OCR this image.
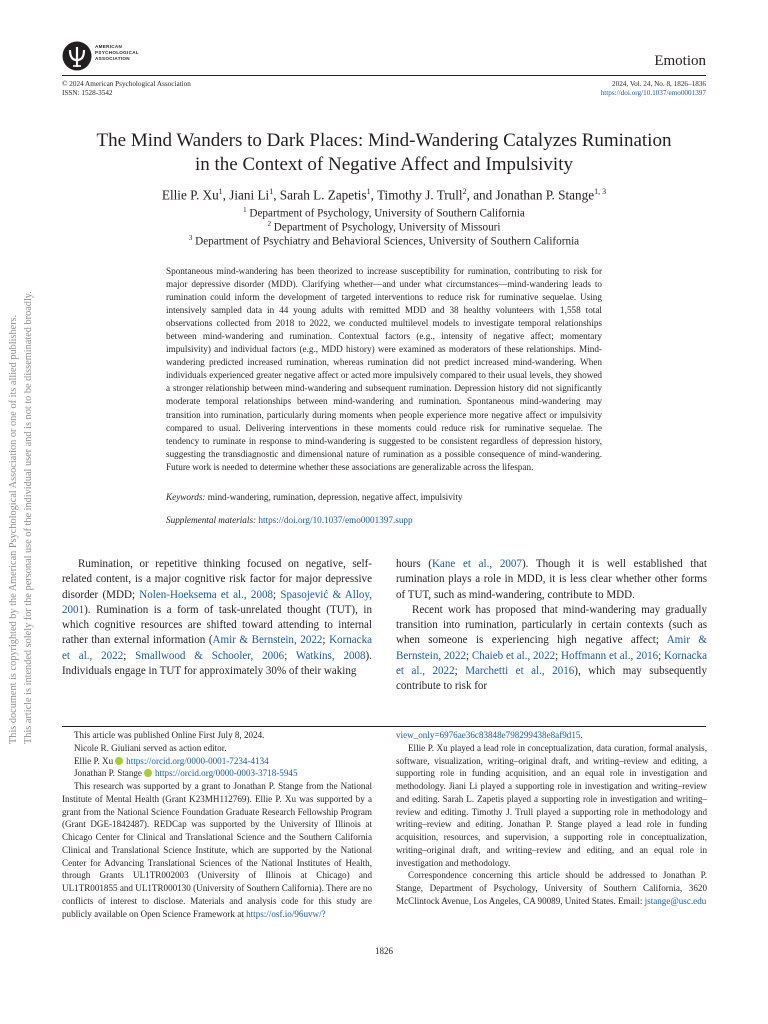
AMERICAN
PSYCHOLOGICAL
ASSOCIATION	Emotion
© 2024 American Psychological Association
ISSN: 1528-3542
2024, Vol. 24, No. 8, 1826–1836
https://doi.org/10.1037/emo0001397
The Mind Wanders to Dark Places: Mind-Wandering Catalyzes Rumination
in the Context of Negative Affect and Impulsivity
Ellie P. Xu$^1$, Jiani Li$^1$, Sarah L. Zapetis$^1$, Timothy J. Trull$^2$, and Jonathan P. Stange$^{1, 3}$
$^1$ Department of Psychology, University of Southern California
$^2$ Department of Psychology, University of Missouri
$^3$ Department of Psychiatry and Behavioral Sciences, University of Southern California
Spontaneous mind-wandering has been theorized to increase susceptibility for rumination, contributing to risk for major depressive disorder (MDD). Clarifying whether—and under what circumstances—mind-wandering leads to rumination could inform the development of targeted interventions to reduce risk for ruminative sequelae. Using intensively sampled data in 44 young adults with remitted MDD and 38 healthy volunteers with 1,558 total observations collected from 2018 to 2022, we conducted multilevel models to investigate temporal relationships between mind-wandering and rumination. Contextual factors (e.g., intensity of negative affect; momentary impulsivity) and individual factors (e.g., MDD history) were examined as moderators of these relationships. Mind-wandering predicted increased rumination, whereas rumination did not predict increased mind-wandering. When individuals experienced greater negative affect or acted more impulsively compared to their usual levels, they showed a stronger relationship between mind-wandering and subsequent rumination. Depression history did not significantly moderate temporal relationships between mind-wandering and rumination. Spontaneous mind-wandering may transition into rumination, particularly during moments when people experience more negative affect or impulsivity compared to usual. Delivering interventions in these moments could reduce risk for ruminative sequelae. The tendency to ruminate in response to mind-wandering is suggested to be consistent regardless of depression history, suggesting the transdiagnostic and dimensional nature of rumination as a possible consequence of mind-wandering. Future work is needed to determine whether these associations are generalizable across the lifespan.
Keywords: mind-wandering, rumination, depression, negative affect, impulsivity
Supplemental materials: https://doi.org/10.1037/emo0001397.supp

Rumination, or repetitive thinking focused on negative, self-related content, is a major cognitive risk factor for major depressive disorder (MDD; Nolen-Hoeksema et al., 2008; Spasojević & Alloy, 2001). Rumination is a form of task-unrelated thought (TUT), in which cognitive resources are shifted toward attending to internal rather than external information (Amir & Bernstein, 2022; Kornacka et al., 2022; Smallwood & Schooler, 2006; Watkins, 2008). Individuals engage in TUT for approximately 30% of their waking

hours (Kane et al., 2007). Though it is well established that rumination plays a role in MDD, it is less clear whether other forms of TUT, such as mind-wandering, contribute to MDD.

Recent work has proposed that mind-wandering may gradually transition into rumination, particularly in certain contexts (such as when someone is experiencing high negative affect; Amir & Bernstein, 2022; Chaieb et al., 2022; Hoffmann et al., 2016; Kornacka et al., 2022; Marchetti et al., 2016), which may subsequently contribute to risk for

This article was published Online First July 8, 2024.
Nicole R. Giuliani served as action editor.
Ellie P. Xu https://orcid.org/0000-0001-7234-4134
Jonathan P. Stange https://orcid.org/0000-0003-3718-5945
This research was supported by a grant to Jonathan P. Stange from the National Institute of Mental Health (Grant K23MH112769). Ellie P. Xu was supported by a grant from the National Science Foundation Graduate Research Fellowship Program (Grant DGE-1842487). REDCap was supported by the University of Illinois at Chicago Center for Clinical and Translational Science and the Southern California Clinical and Translational Science Institute, which are supported by the National Center for Advancing Translational Sciences of the National Institutes of Health, through Grants UL1TR002003 (University of Illinois at Chicago) and UL1TR001855 and UL1TR000130 (University of Southern California). There are no conflicts of interest to disclose. Materials and analysis code for this study are publicly available on Open Science Framework at https://osf.io/96uvw/?
view_only=6976ae36c83848e798299438e8af9d15.
Ellie P. Xu played a lead role in conceptualization, data curation, formal analysis, software, visualization, writing–original draft, and writing–review and editing, a supporting role in funding acquisition, and an equal role in investigation and methodology. Jiani Li played a supporting role in investigation and writing–review and editing. Sarah L. Zapetis played a supporting role in investigation and writing–review and editing. Timothy J. Trull played a supporting role in methodology and writing–review and editing. Jonathan P. Stange played a lead role in funding acquisition, resources, and supervision, a supporting role in conceptualization, writing–original draft, and writing–review and editing, and an equal role in investigation and methodology.
Correspondence concerning this article should be addressed to Jonathan P. Stange, Department of Psychology, University of Southern California, 3620 McClintock Avenue, Los Angeles, CA 90089, United States. Email: jstange@usc.edu
1826
This document is copyrighted by the American Psychological Association or one of its allied publishers. This article is intended solely for the personal use of the individual user and is not to be disseminated broadly.
